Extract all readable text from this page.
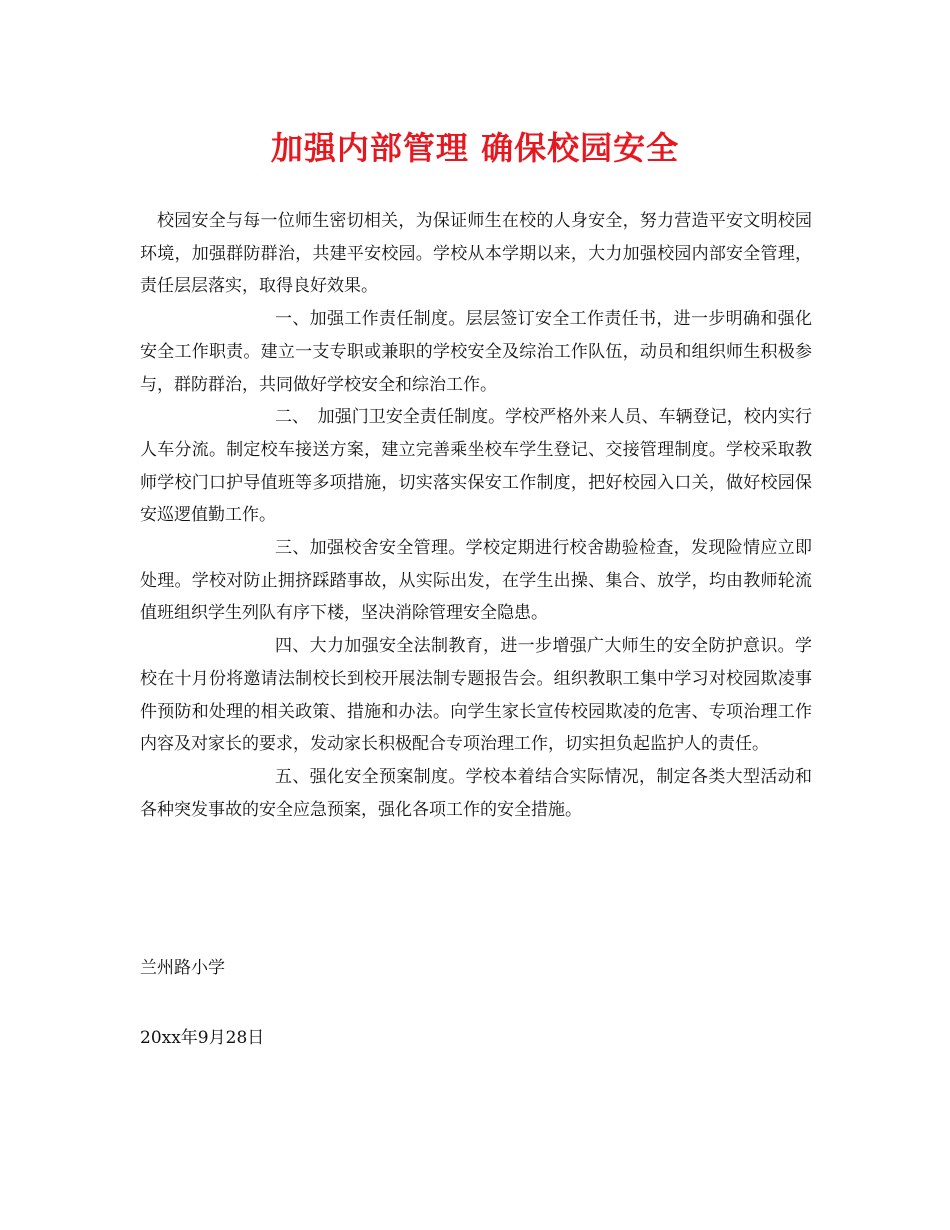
加强内部管理 确保校园安全

校园安全与每一位师生密切相关，为保证师生在校的人身安全，努力营造平安文明校园环境，加强群防群治，共建平安校园。学校从本学期以来，大力加强校园内部安全管理，责任层层落实，取得良好效果。

一、加强工作责任制度。层层签订安全工作责任书，进一步明确和强化安全工作职责。建立一支专职或兼职的学校安全及综治工作队伍，动员和组织师生积极参与，群防群治，共同做好学校安全和综治工作。

二、　加强门卫安全责任制度。学校严格外来人员、车辆登记，校内实行人车分流。制定校车接送方案，建立完善乘坐校车学生登记、交接管理制度。学校采取教师学校门口护导值班等多项措施，切实落实保安工作制度，把好校园入口关，做好校园保安巡逻值勤工作。

三、加强校舍安全管理。学校定期进行校舍勘验检查，发现险情应立即处理。学校对防止拥挤踩踏事故，从实际出发，在学生出操、集合、放学，均由教师轮流值班组织学生列队有序下楼，坚决消除管理安全隐患。

四、大力加强安全法制教育，进一步增强广大师生的安全防护意识。学校在十月份将邀请法制校长到校开展法制专题报告会。组织教职工集中学习对校园欺凌事件预防和处理的相关政策、措施和办法。向学生家长宣传校园欺凌的危害、专项治理工作内容及对家长的要求，发动家长积极配合专项治理工作，切实担负起监护人的责任。

五、强化安全预案制度。学校本着结合实际情况，制定各类大型活动和各种突发事故的安全应急预案，强化各项工作的安全措施。

兰州路小学
20xx年9月28日
